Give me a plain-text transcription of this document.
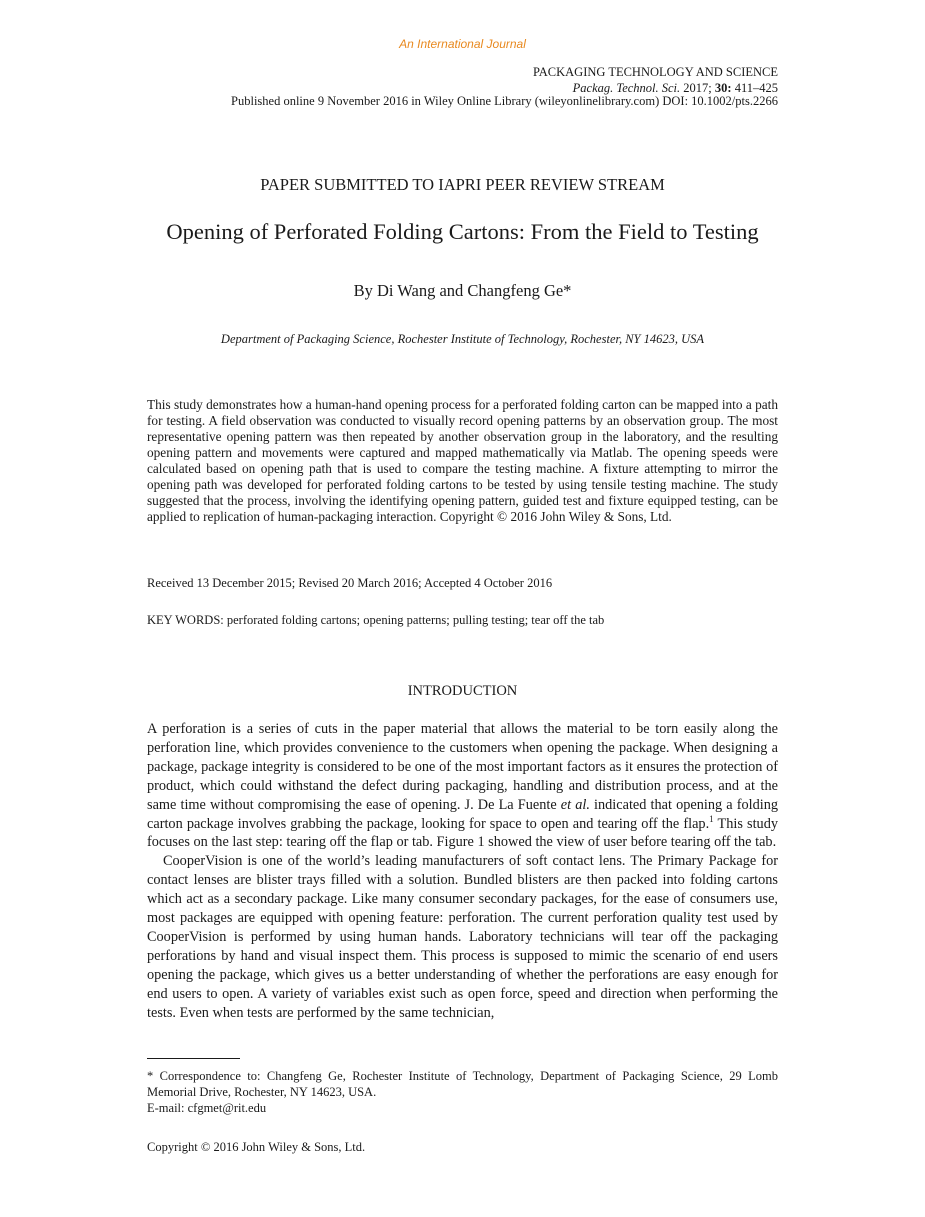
An International Journal
PACKAGING TECHNOLOGY AND SCIENCE
Packag. Technol. Sci. 2017; 30: 411–425
Published online 9 November 2016 in Wiley Online Library (wileyonlinelibrary.com) DOI: 10.1002/pts.2266
PAPER SUBMITTED TO IAPRI PEER REVIEW STREAM
Opening of Perforated Folding Cartons: From the Field to Testing
By Di Wang and Changfeng Ge*
Department of Packaging Science, Rochester Institute of Technology, Rochester, NY 14623, USA

This study demonstrates how a human-hand opening process for a perforated folding carton can be mapped into a path for testing. A field observation was conducted to visually record opening patterns by an observation group. The most representative opening pattern was then repeated by another observation group in the laboratory, and the resulting opening pattern and movements were captured and mapped mathematically via Matlab. The opening speeds were calculated based on opening path that is used to compare the testing machine. A fixture attempting to mirror the opening path was developed for perforated folding cartons to be tested by using tensile testing machine. The study suggested that the process, involving the identifying opening pattern, guided test and fixture equipped testing, can be applied to replication of human-packaging interaction. Copyright © 2016 John Wiley & Sons, Ltd.

Received 13 December 2015; Revised 20 March 2016; Accepted 4 October 2016
KEY WORDS: perforated folding cartons; opening patterns; pulling testing; tear off the tab
INTRODUCTION

A perforation is a series of cuts in the paper material that allows the material to be torn easily along the perforation line, which provides convenience to the customers when opening the package. When designing a package, package integrity is considered to be one of the most important factors as it ensures the protection of product, which could withstand the defect during packaging, handling and distribution process, and at the same time without compromising the ease of opening. J. De La Fuente et al. indicated that opening a folding carton package involves grabbing the package, looking for space to open and tearing off the flap.$^1$ This study focuses on the last step: tearing off the flap or tab. Figure 1 showed the view of user before tearing off the tab.

CooperVision is one of the world’s leading manufacturers of soft contact lens. The Primary Package for contact lenses are blister trays filled with a solution. Bundled blisters are then packed into folding cartons which act as a secondary package. Like many consumer secondary packages, for the ease of consumers use, most packages are equipped with opening feature: perforation. The current perforation quality test used by CooperVision is performed by using human hands. Laboratory technicians will tear off the packaging perforations by hand and visual inspect them. This process is supposed to mimic the scenario of end users opening the package, which gives us a better understanding of whether the perforations are easy enough for end users to open. A variety of variables exist such as open force, speed and direction when performing the tests. Even when tests are performed by the same technician,

* Correspondence to: Changfeng Ge, Rochester Institute of Technology, Department of Packaging Science, 29 Lomb Memorial Drive, Rochester, NY 14623, USA.
E-mail: cfgmet@rit.edu
Copyright © 2016 John Wiley & Sons, Ltd.
